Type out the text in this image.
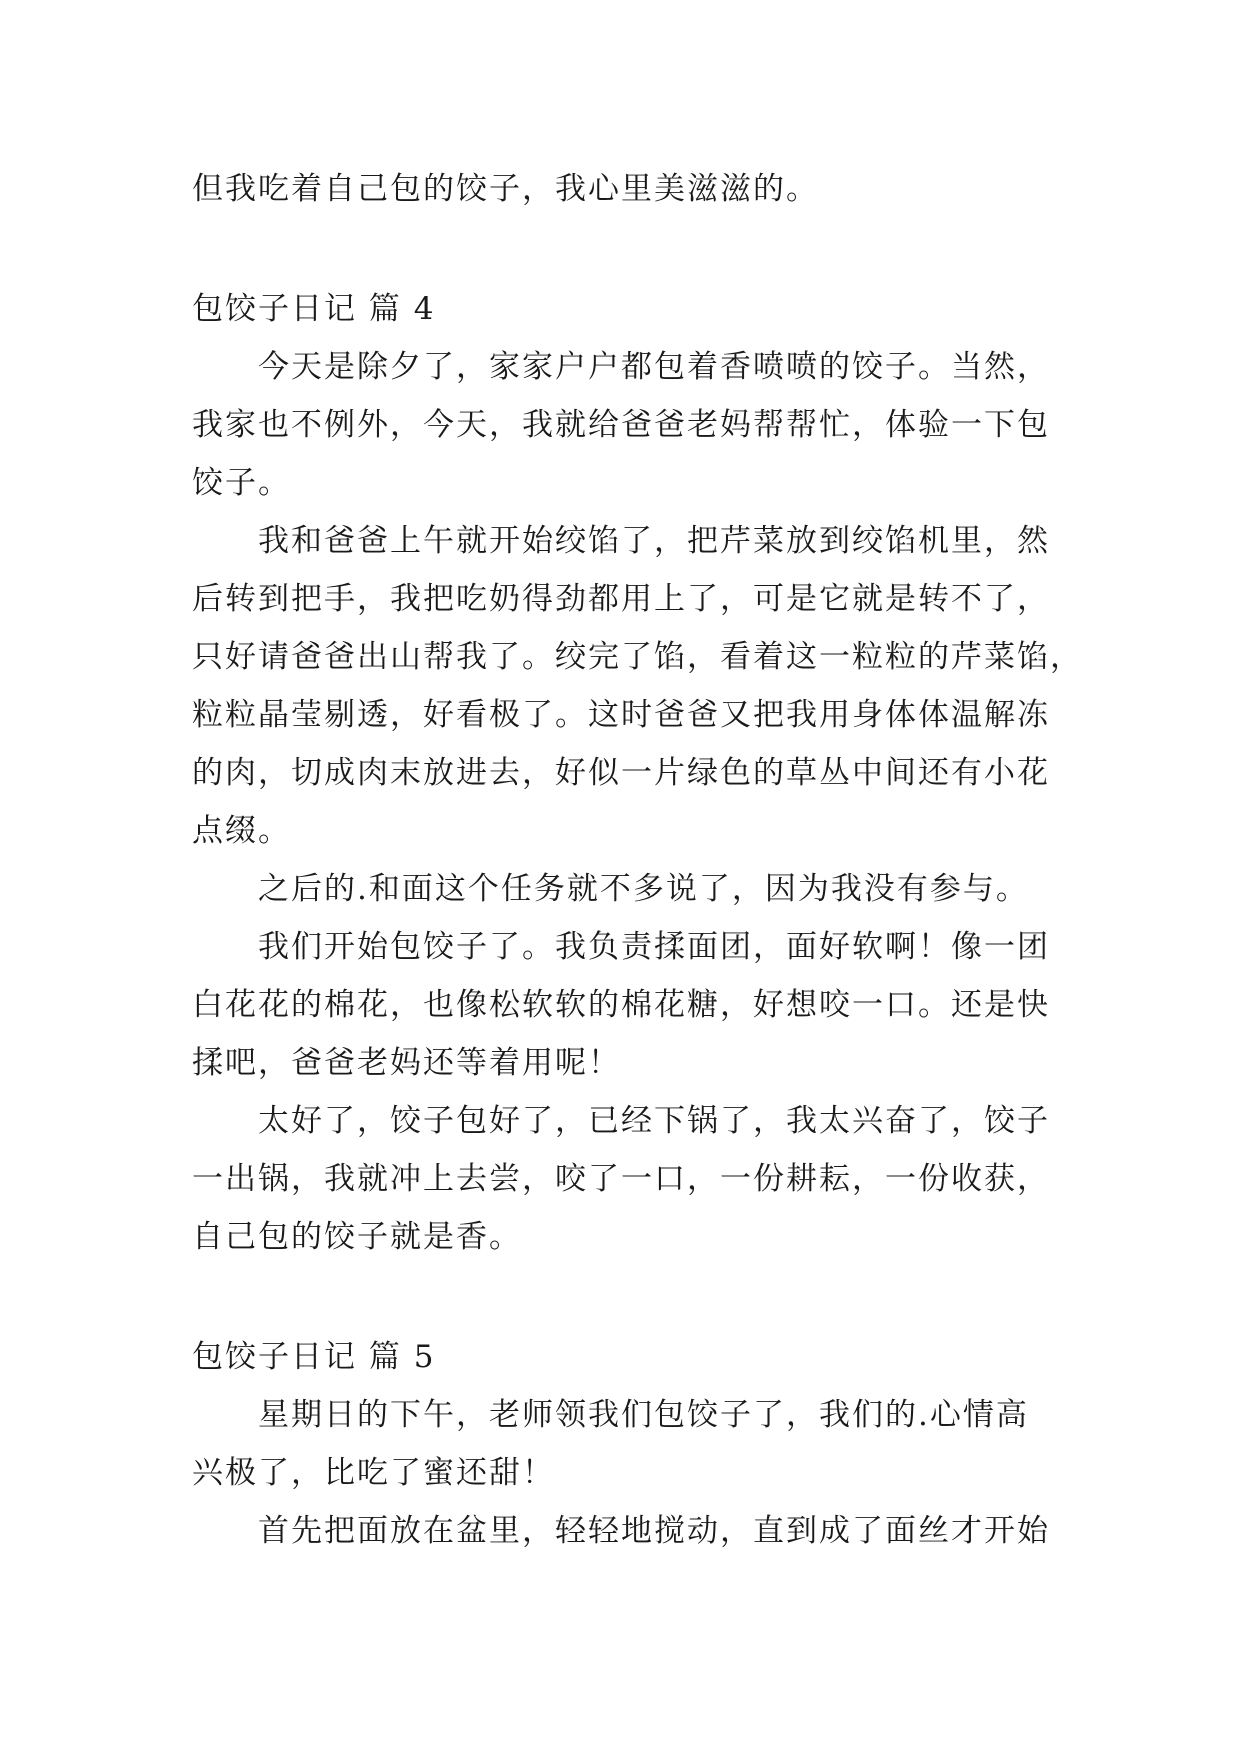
但我吃着自己包的饺子，我心里美滋滋的。
包饺子日记 篇 4
今天是除夕了，家家户户都包着香喷喷的饺子。当然，
我家也不例外，今天，我就给爸爸老妈帮帮忙，体验一下包
饺子。
我和爸爸上午就开始绞馅了，把芹菜放到绞馅机里，然
后转到把手，我把吃奶得劲都用上了，可是它就是转不了，
只好请爸爸出山帮我了。绞完了馅，看着这一粒粒的芹菜馅，
粒粒晶莹剔透，好看极了。这时爸爸又把我用身体体温解冻
的肉，切成肉末放进去，好似一片绿色的草丛中间还有小花
点缀。
之后的.和面这个任务就不多说了，因为我没有参与。
我们开始包饺子了。我负责揉面团，面好软啊！像一团
白花花的棉花，也像松软软的棉花糖，好想咬一口。还是快
揉吧，爸爸老妈还等着用呢！
太好了，饺子包好了，已经下锅了，我太兴奋了，饺子
一出锅，我就冲上去尝，咬了一口，一份耕耘，一份收获，
自己包的饺子就是香。
包饺子日记 篇 5
星期日的下午，老师领我们包饺子了，我们的.心情高
兴极了，比吃了蜜还甜！
首先把面放在盆里，轻轻地搅动，直到成了面丝才开始
